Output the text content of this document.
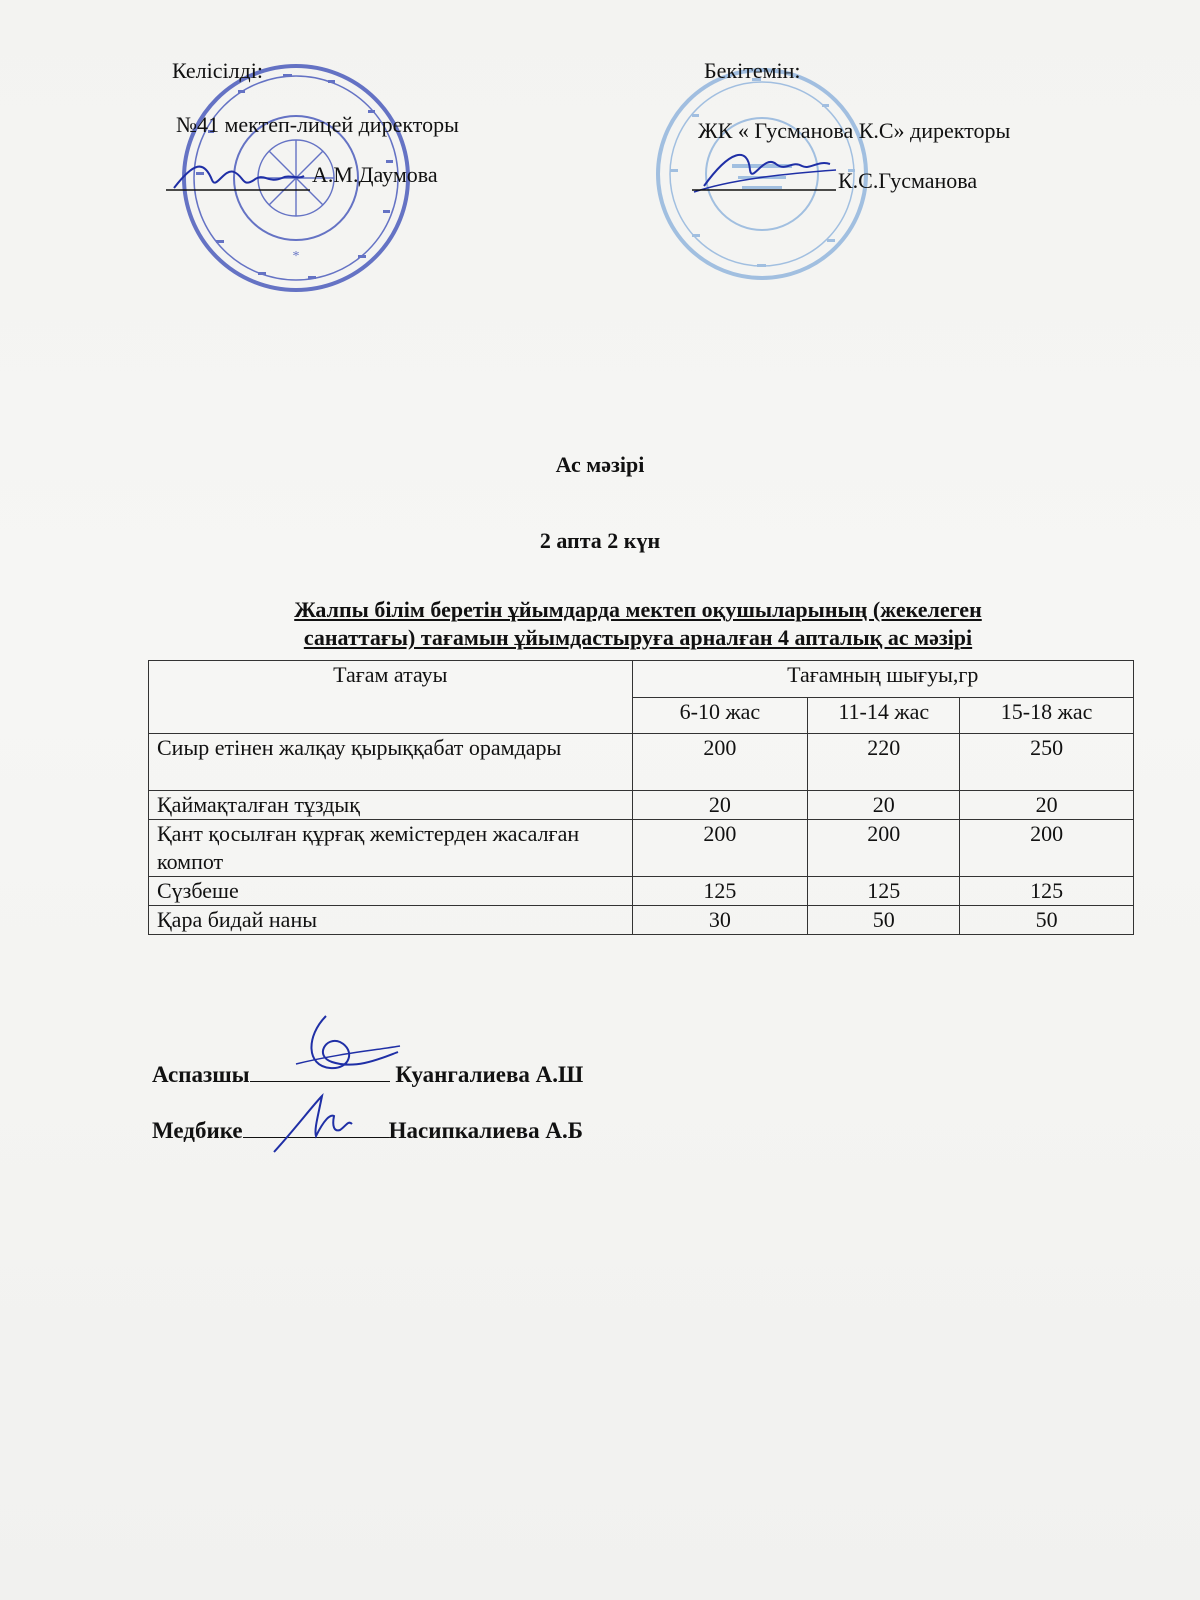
*
Келісілді:
№41 мектеп-лицей директоры
А.М.Даумова
Бекітемін:
ЖК « Гусманова К.С» директоры
К.С.Гусманова
Ас мәзірі
2 апта 2 күн
Жалпы білім беретін ұйымдарда мектеп оқушыларының (жекелеген
санаттағы) тағамын ұйымдастыруға арналған 4 апталық ас мәзірі
Тағам атауы	Тағамның шығуы,гр		
	6-10 жас	11-14 жас	15-18 жас
Сиыр етінен жалқау қырыққабат орамдары	200	220	250
Қаймақталған тұздық	20	20	20
Қант қосылған құрғақ жемістерден жасалған компот	200	200	200
Сүзбеше	125	125	125
Қара бидай наны	30	50	50
Аспазшы	Куангалиева А.Ш
Медбике	Насипкалиева А.Б
